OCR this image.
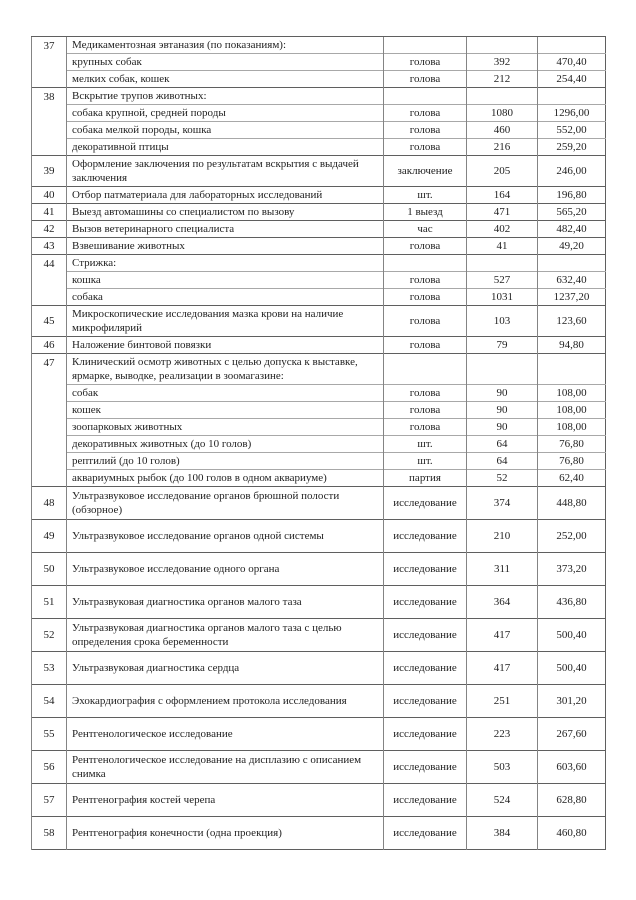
37	Медикаментозная эвтаназия (по показаниям):			
	крупных собак	голова	392	470,40
	мелких собак, кошек	голова	212	254,40
38	Вскрытие трупов животных:			
	собака крупной, средней породы	голова	1080	1296,00
	собака мелкой породы, кошка	голова	460	552,00
	декоративной птицы	голова	216	259,20
39	Оформление заключения по результатам вскрытия с выдачей заключения	заключение	205	246,00
40	Отбор патматериала для лабораторных исследований	шт.	164	196,80
41	Выезд автомашины со специалистом по вызову	1 выезд	471	565,20
42	Вызов ветеринарного специалиста	час	402	482,40
43	Взвешивание животных	голова	41	49,20
44	Стрижка:			
	кошка	голова	527	632,40
	собака	голова	1031	1237,20
45	Микроскопические исследования мазка крови на наличие микрофилярий	голова	103	123,60
46	Наложение бинтовой повязки	голова	79	94,80
47	Клинический осмотр животных с целью допуска к выставке, ярмарке, выводке, реализации в зоомагазине:			
	собак	голова	90	108,00
	кошек	голова	90	108,00
	зоопарковых животных	голова	90	108,00
	декоративных животных (до 10 голов)	шт.	64	76,80
	рептилий (до 10 голов)	шт.	64	76,80
	аквариумных рыбок (до 100 голов в одном аквариуме)	партия	52	62,40
48	Ультразвуковое исследование органов брюшной полости (обзорное)	исследование	374	448,80
49	Ультразвуковое исследование органов одной системы	исследование	210	252,00
50	Ультразвуковое исследование одного органа	исследование	311	373,20
51	Ультразвуковая диагностика органов малого таза	исследование	364	436,80
52	Ультразвуковая диагностика органов малого таза с целью определения срока беременности	исследование	417	500,40
53	Ультразвуковая диагностика сердца	исследование	417	500,40
54	Эхокардиография с оформлением протокола исследования	исследование	251	301,20
55	Рентгенологическое исследование	исследование	223	267,60
56	Рентгенологическое исследование на дисплазию с описанием снимка	исследование	503	603,60
57	Рентгенография костей черепа	исследование	524	628,80
58	Рентгенография конечности (одна проекция)	исследование	384	460,80
